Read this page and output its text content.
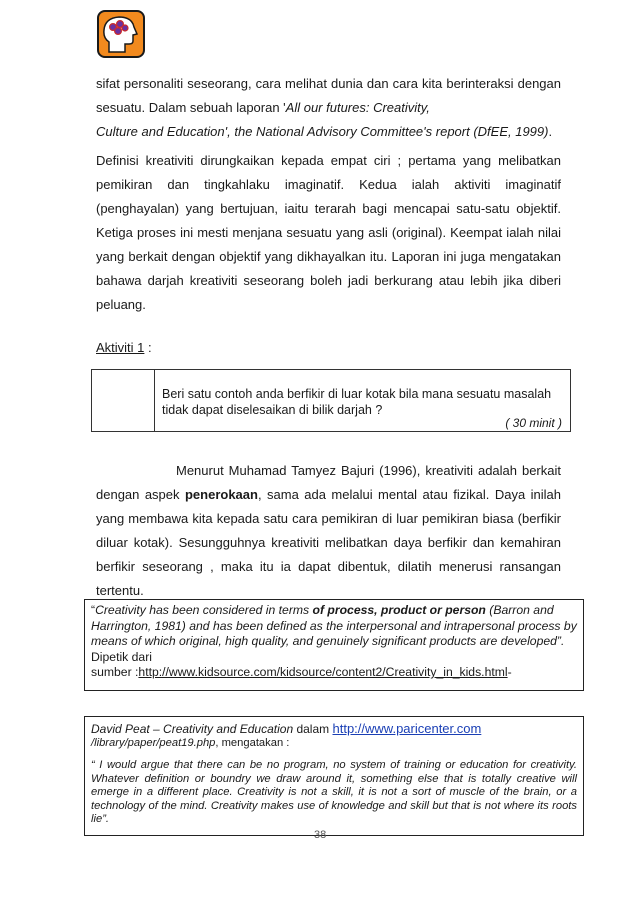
sifat personaliti seseorang, cara melihat dunia dan cara kita berinteraksi dengan
sesuatu. Dalam sebuah laporan 'All our futures: Creativity,
Culture and Education', the National Advisory Committee's report (DfEE, 1999).
Definisi kreativiti dirungkaikan kepada empat ciri ; pertama yang melibatkan
pemikiran dan tingkahlaku imaginatif. Kedua ialah aktiviti imaginatif
(penghayalan) yang bertujuan, iaitu terarah bagi mencapai satu-satu objektif.
Ketiga proses ini mesti menjana sesuatu yang asli (original). Keempat ialah nilai
yang berkait dengan objektif yang dikhayalkan itu. Laporan ini juga mengatakan
bahawa darjah kreativiti seseorang boleh jadi berkurang atau lebih jika diberi
peluang.
Aktiviti 1 :
Beri satu contoh anda berfikir di luar kotak bila mana sesuatu masalah tidak dapat diselesaikan di bilik darjah ?
( 30 minit )
Menurut Muhamad Tamyez Bajuri (1996), kreativiti adalah berkait
dengan aspek penerokaan, sama ada melalui mental atau fizikal. Daya inilah
yang membawa kita kepada satu cara pemikiran di luar pemikiran biasa (berfikir
diluar kotak). Sesungguhnya kreativiti melibatkan daya berfikir dan kemahiran
berfikir seseorang , maka itu ia dapat dibentuk, dilatih menerusi ransangan
tertentu.
“Creativity has been considered in terms of process, product or person (Barron and Harrington, 1981) and has been defined as the interpersonal and intrapersonal process by means of which original, high quality, and genuinely significant products are developed”.
Dipetik dari
sumber :http://www.kidsource.com/kidsource/content2/Creativity_in_kids.html-
David Peat – Creativity and Education dalam http://www.paricenter.com
/library/paper/peat19.php, mengatakan :
“ I would argue that there can be no program, no system of training or education for creativity. Whatever definition or boundry we draw around it, something else that is totally creative will emerge in a different place. Creativity is not a skill, it is not a sort of muscle of the brain, or a technology of the mind. Creativity makes use of knowledge and skill but that is not where its roots lie”.
38
